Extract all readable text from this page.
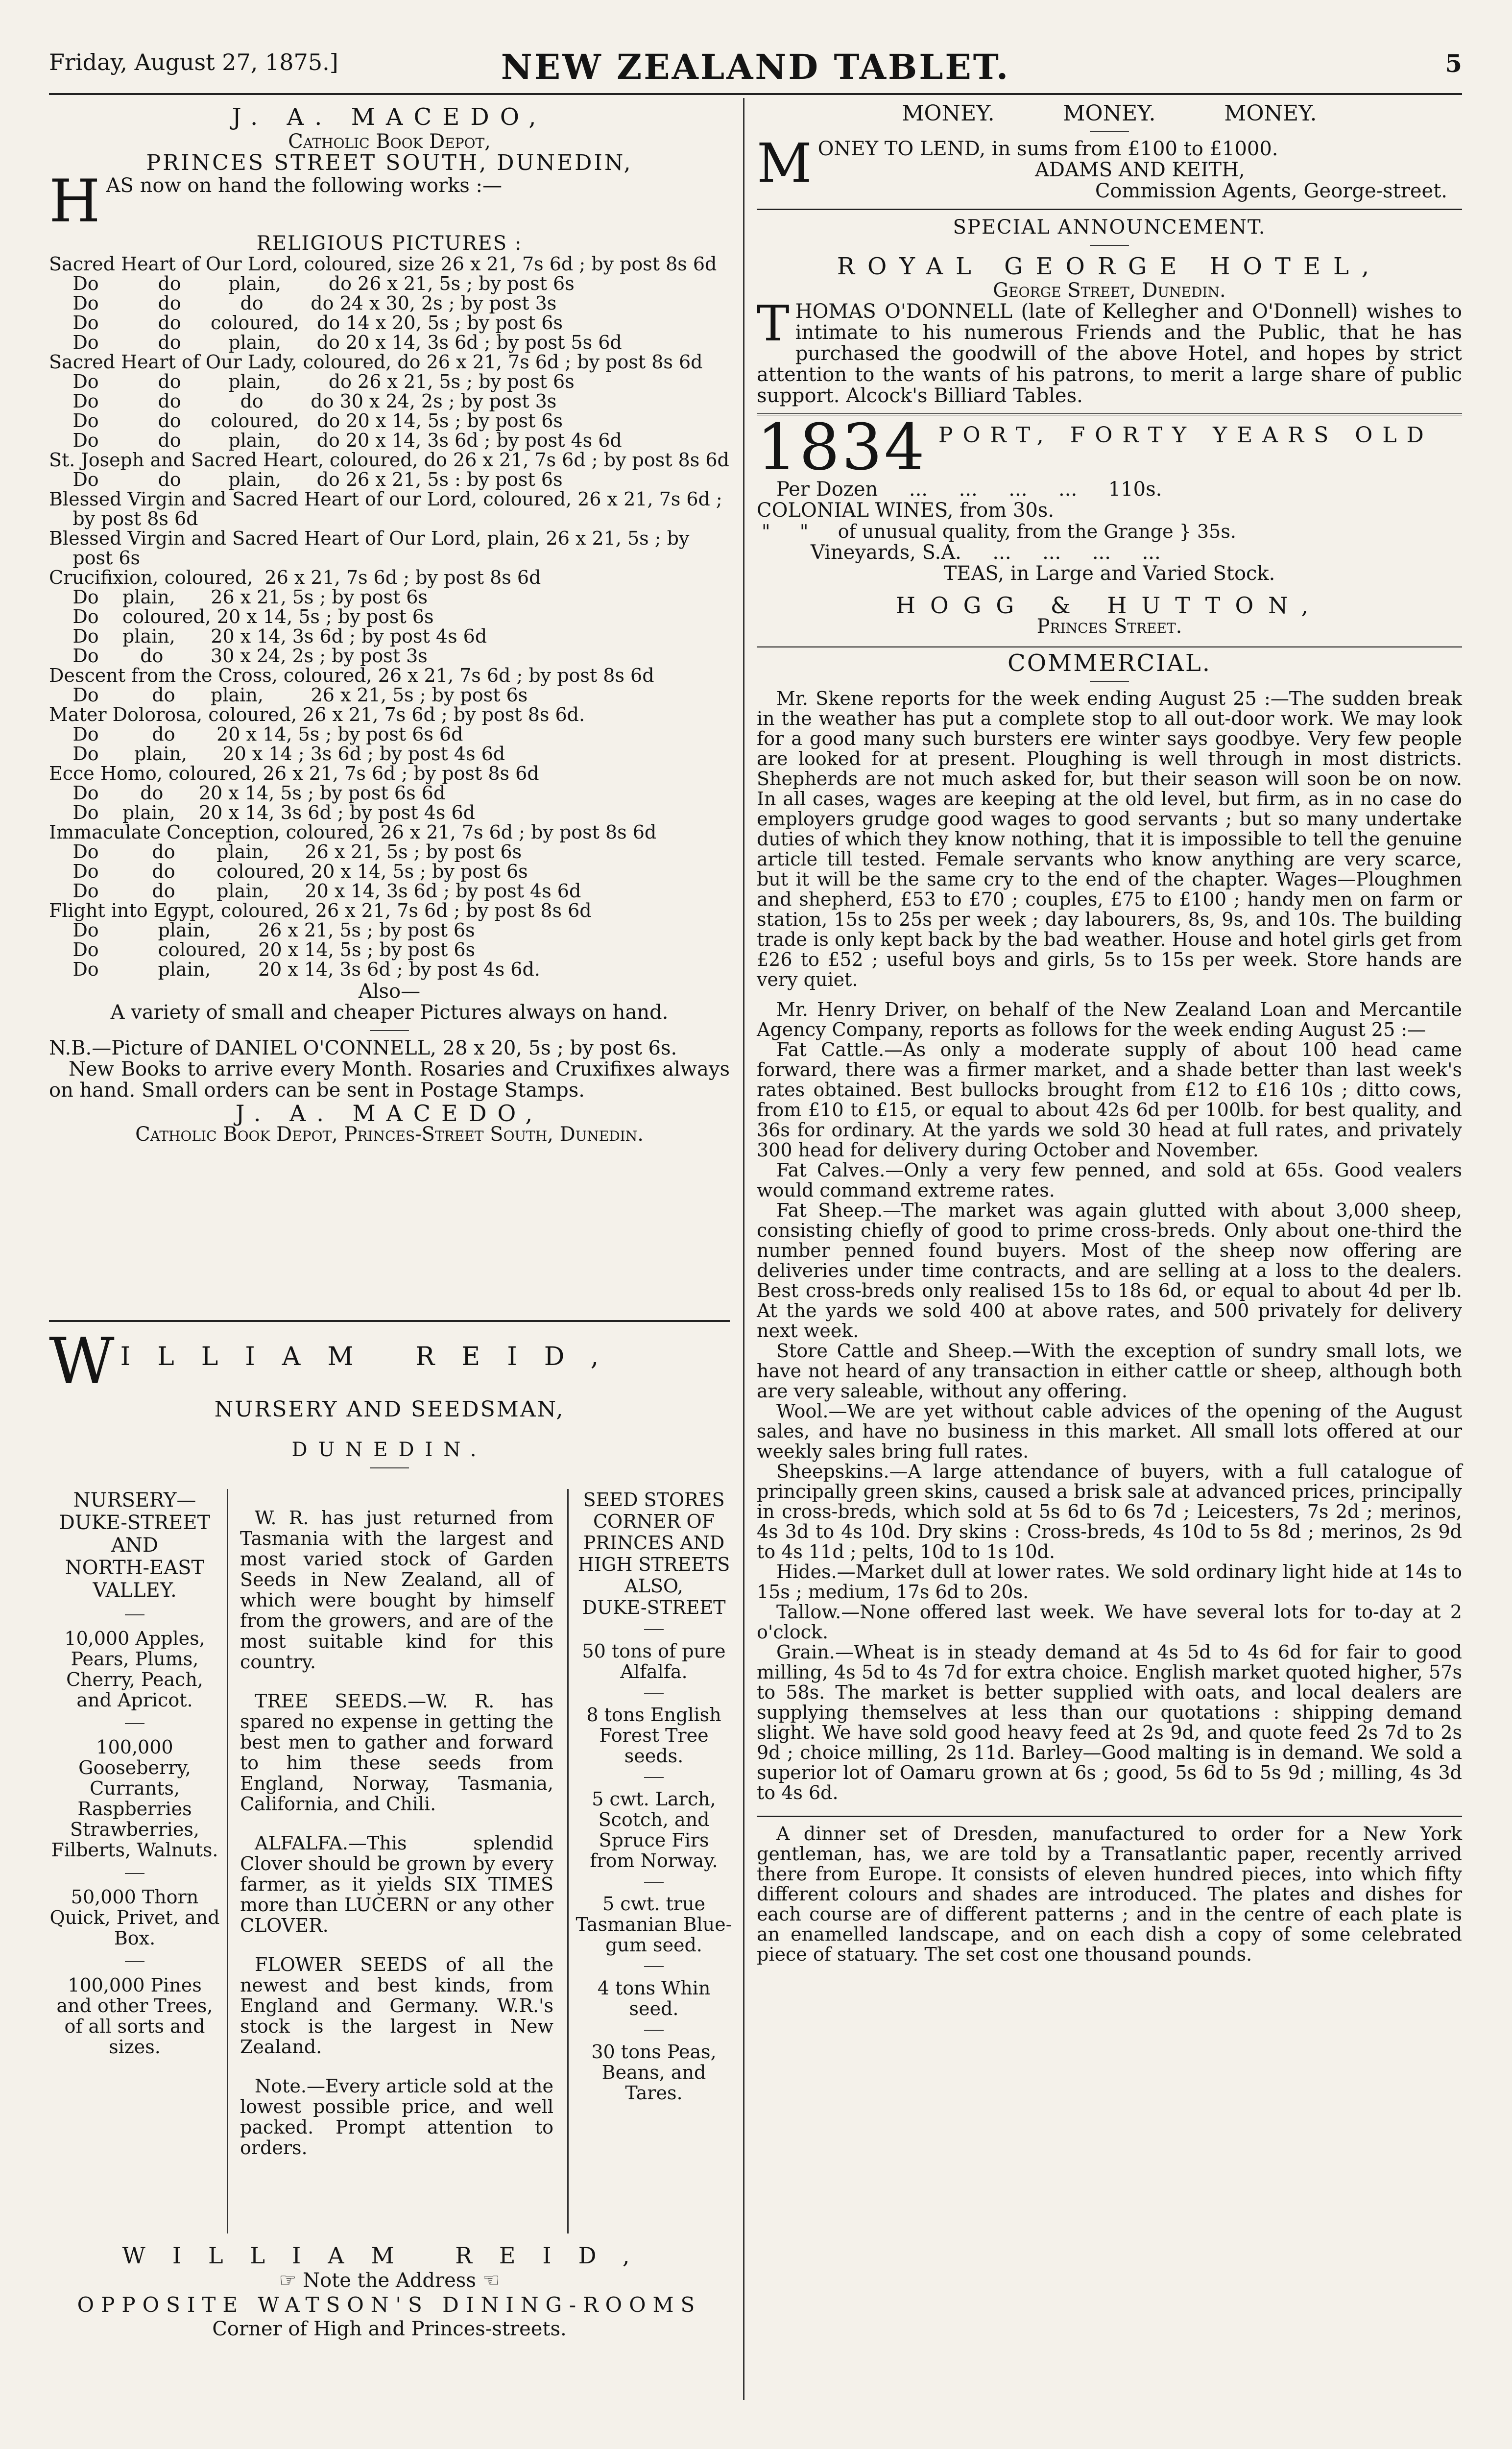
Friday, August 27, 1875.]	NEW ZEALAND TABLET.	5

J. A. MACEDO,

Catholic Book Depot,

PRINCES STREET SOUTH, DUNEDIN,

HAS now on hand the following works :—

RELIGIOUS PICTURES :

Sacred Heart of Our Lord, coloured, size 26 x 21, 7s 6d ; by post 8s 6d
Do          do        plain,        do 26 x 21, 5s ; by post 6s
Do          do          do        do 24 x 30, 2s ; by post 3s
Do          do     coloured,   do 14 x 20, 5s ; by post 6s
Do          do        plain,      do 20 x 14, 3s 6d ; by post 5s 6d
Sacred Heart of Our Lady, coloured, do 26 x 21, 7s 6d ; by post 8s 6d
Do          do        plain,        do 26 x 21, 5s ; by post 6s
Do          do          do        do 30 x 24, 2s ; by post 3s
Do          do     coloured,   do 20 x 14, 5s ; by post 6s
Do          do        plain,      do 20 x 14, 3s 6d ; by post 4s 6d
St. Joseph and Sacred Heart, coloured, do 26 x 21, 7s 6d ; by post 8s 6d
Do          do        plain,      do 26 x 21, 5s : by post 6s
Blessed Virgin and Sacred Heart of our Lord, coloured, 26 x 21, 7s 6d ;
by post 8s 6d
Blessed Virgin and Sacred Heart of Our Lord, plain, 26 x 21, 5s ; by
post 6s
Crucifixion, coloured,  26 x 21, 7s 6d ; by post 8s 6d
Do    plain,      26 x 21, 5s ; by post 6s
Do    coloured, 20 x 14, 5s ; by post 6s
Do    plain,      20 x 14, 3s 6d ; by post 4s 6d
Do       do        30 x 24, 2s ; by post 3s
Descent from the Cross, coloured, 26 x 21, 7s 6d ; by post 8s 6d
Do         do      plain,        26 x 21, 5s ; by post 6s
Mater Dolorosa, coloured, 26 x 21, 7s 6d ; by post 8s 6d.
Do         do       20 x 14, 5s ; by post 6s 6d
Do      plain,      20 x 14 ; 3s 6d ; by post 4s 6d
Ecce Homo, coloured, 26 x 21, 7s 6d ; by post 8s 6d
Do       do      20 x 14, 5s ; by post 6s 6d
Do    plain,    20 x 14, 3s 6d ; by post 4s 6d
Immaculate Conception, coloured, 26 x 21, 7s 6d ; by post 8s 6d
Do         do       plain,      26 x 21, 5s ; by post 6s
Do         do       coloured, 20 x 14, 5s ; by post 6s
Do         do       plain,      20 x 14, 3s 6d ; by post 4s 6d
Flight into Egypt, coloured, 26 x 21, 7s 6d ; by post 8s 6d
Do          plain,        26 x 21, 5s ; by post 6s
Do          coloured,  20 x 14, 5s ; by post 6s
Do          plain,        20 x 14, 3s 6d ; by post 4s 6d.

Also—

A variety of small and cheaper Pictures always on hand.

N.B.—Picture of DANIEL O'CONNELL, 28 x 20, 5s ; by post 6s.

New Books to arrive every Month. Rosaries and Cruxifixes always on hand. Small orders can be sent in Postage Stamps.

J. A. MACEDO,

Catholic Book Depot, Princes-Street South, Dunedin.

W ILLIAM REID,

NURSERY AND SEEDSMAN,

DUNEDIN.

NURSERY—
DUKE-STREET
AND
NORTH-EAST
VALLEY.
10,000 Apples, Pears, Plums, Cherry, Peach, and Apricot.
100,000 Gooseberry, Currants, Raspberries Strawberries, Filberts, Walnuts.
50,000 Thorn Quick, Privet, and Box.
100,000 Pines and other Trees, of all sorts and sizes.

W. R. has just returned from Tasmania with the largest and most varied stock of Garden Seeds in New Zealand, all of which were bought by himself from the growers, and are of the most suitable kind for this country.

TREE SEEDS.—W. R. has spared no expense in getting the best men to gather and forward to him these seeds from England, Norway, Tasmania, California, and Chili.

ALFALFA.—This splendid Clover should be grown by every farmer, as it yields SIX TIMES more than LUCERN or any other CLOVER.

FLOWER SEEDS of all the newest and best kinds, from England and Germany. W.R.'s stock is the largest in New Zealand.

Note.—Every article sold at the lowest possible price, and well packed. Prompt attention to orders.

SEED STORES
CORNER OF
PRINCES AND
HIGH STREETS
ALSO,
DUKE-STREET
50 tons of pure Alfalfa.
8 tons English Forest Tree seeds.
5 cwt. Larch, Scotch, and Spruce Firs from Norway.
5 cwt. true Tasmanian Blue-gum seed.
4 tons Whin seed.
30 tons Peas, Beans, and Tares.

WILLIAM REID,

☞ Note the Address ☜

OPPOSITE WATSON'S DINING-ROOMS

Corner of High and Princes-streets.

MONEY.          MONEY.          MONEY.

MONEY TO LEND, in sums from £100 to £1000.

ADAMS AND KEITH,

Commission Agents, George-street.

SPECIAL ANNOUNCEMENT.

ROYAL GEORGE HOTEL,

George Street, Dunedin.

THOMAS O'DONNELL (late of Kellegher and O'Donnell) wishes to intimate to his numerous Friends and the Public, that he has purchased the goodwill of the above Hotel, and hopes by strict attention to the wants of his patrons, to merit a large share of public support. Alcock's Billiard Tables.

1834 PORT, FORTY YEARS OLD

Per Dozen     ...     ...     ...     ...     110s.

COLONIAL WINES, from 30s.

"     "     of unusual quality, from the Grange } 35s.

Vineyards, S.A.     ...     ...     ...     ...

TEAS, in Large and Varied Stock.

HOGG & HUTTON,

Princes Street.

COMMERCIAL.

Mr. Skene reports for the week ending August 25 :—The sudden break in the weather has put a complete stop to all out-door work. We may look for a good many such bursters ere winter says goodbye. Very few people are looked for at present. Ploughing is well through in most districts. Shepherds are not much asked for, but their season will soon be on now. In all cases, wages are keeping at the old level, but firm, as in no case do employers grudge good wages to good servants ; but so many undertake duties of which they know nothing, that it is impossible to tell the genuine article till tested. Female servants who know anything are very scarce, but it will be the same cry to the end of the chapter. Wages—Ploughmen and shepherd, £53 to £70 ; couples, £75 to £100 ; handy men on farm or station, 15s to 25s per week ; day labourers, 8s, 9s, and 10s. The building trade is only kept back by the bad weather. House and hotel girls get from £26 to £52 ; useful boys and girls, 5s to 15s per week. Store hands are very quiet.

Mr. Henry Driver, on behalf of the New Zealand Loan and Mercantile Agency Company, reports as follows for the week ending August 25 :—

Fat Cattle.—As only a moderate supply of about 100 head came forward, there was a firmer market, and a shade better than last week's rates obtained. Best bullocks brought from £12 to £16 10s ; ditto cows, from £10 to £15, or equal to about 42s 6d per 100lb. for best quality, and 36s for ordinary. At the yards we sold 30 head at full rates, and privately 300 head for delivery during October and November.

Fat Calves.—Only a very few penned, and sold at 65s. Good vealers would command extreme rates.

Fat Sheep.—The market was again glutted with about 3,000 sheep, consisting chiefly of good to prime cross-breds. Only about one-third the number penned found buyers. Most of the sheep now offering are deliveries under time contracts, and are selling at a loss to the dealers. Best cross-breds only realised 15s to 18s 6d, or equal to about 4d per lb. At the yards we sold 400 at above rates, and 500 privately for delivery next week.

Store Cattle and Sheep.—With the exception of sundry small lots, we have not heard of any transaction in either cattle or sheep, although both are very saleable, without any offering.

Wool.—We are yet without cable advices of the opening of the August sales, and have no business in this market. All small lots offered at our weekly sales bring full rates.

Sheepskins.—A large attendance of buyers, with a full catalogue of principally green skins, caused a brisk sale at advanced prices, principally in cross-breds, which sold at 5s 6d to 6s 7d ; Leicesters, 7s 2d ; merinos, 4s 3d to 4s 10d. Dry skins : Cross-breds, 4s 10d to 5s 8d ; merinos, 2s 9d to 4s 11d ; pelts, 10d to 1s 10d.

Hides.—Market dull at lower rates. We sold ordinary light hide at 14s to 15s ; medium, 17s 6d to 20s.

Tallow.—None offered last week. We have several lots for to-day at 2 o'clock.

Grain.—Wheat is in steady demand at 4s 5d to 4s 6d for fair to good milling, 4s 5d to 4s 7d for extra choice. English market quoted higher, 57s to 58s. The market is better supplied with oats, and local dealers are supplying themselves at less than our quotations : shipping demand slight. We have sold good heavy feed at 2s 9d, and quote feed 2s 7d to 2s 9d ; choice milling, 2s 11d. Barley—Good malting is in demand. We sold a superior lot of Oamaru grown at 6s ; good, 5s 6d to 5s 9d ; milling, 4s 3d to 4s 6d.

A dinner set of Dresden, manufactured to order for a New York gentleman, has, we are told by a Transatlantic paper, recently arrived there from Europe. It consists of eleven hundred pieces, into which fifty different colours and shades are introduced. The plates and dishes for each course are of different patterns ; and in the centre of each plate is an enamelled landscape, and on each dish a copy of some celebrated piece of statuary. The set cost one thousand pounds.
